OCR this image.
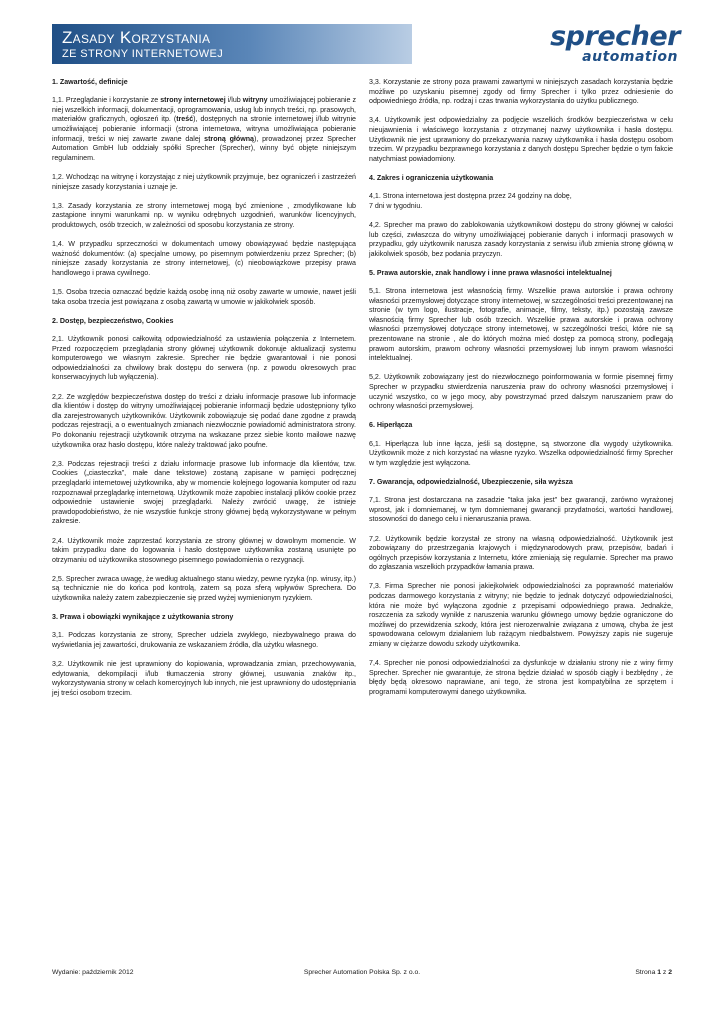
Zasady Korzystania
ZE STRONY INTERNETOWEJ
sprecher
automation
1. Zawartość, definicje

1,1. Przeglądanie i korzystanie ze strony internetowej i/lub witryny umożliwiającej pobieranie z niej wszelkich informacji, dokumentacji, oprogramowania, usług lub innych treści, np. prasowych, materiałów graficznych, ogłoszeń itp. (treść), dostępnych na stronie internetowej i/lub witrynie umożliwiającej pobieranie informacji (strona internetowa, witryna umożliwiająca pobieranie informacji, treści w niej zawarte zwane dalej stroną główną), prowadzonej przez Sprecher Automation GmbH lub oddziały spółki Sprecher (Sprecher), winny być objęte niniejszym regulaminem.

1,2. Wchodząc na witrynę i korzystając z niej użytkownik przyjmuje, bez ograniczeń i zastrzeżeń niniejsze zasady korzystania i uznaje je.

1,3. Zasady korzystania ze strony internetowej mogą być zmienione , zmodyfikowane lub zastąpione innymi warunkami np. w wyniku odrębnych uzgodnień, warunków licencyjnych, produktowych, osób trzecich, w zależności od sposobu korzystania ze strony.

1,4. W przypadku sprzeczności w dokumentach umowy obowiązywać będzie następująca ważność dokumentów: (a) specjalne umowy, po pisemnym potwierdzeniu przez Sprecher; (b) niniejsze zasady korzystania ze strony internetowej, (c) nieobowiązkowe przepisy prawa handlowego i prawa cywilnego.

1,5. Osoba trzecia oznaczać będzie każdą osobę inną niż osoby zawarte w umowie, nawet jeśli taka osoba trzecia jest powiązana z osobą zawartą w umowie w jakikolwiek sposób.

2. Dostęp, bezpieczeństwo, Cookies

2,1. Użytkownik ponosi całkowitą odpowiedzialność za ustawienia połączenia z Internetem. Przed rozpoczęciem przeglądania strony głównej użytkownik dokonuje aktualizacji systemu komputerowego we własnym zakresie. Sprecher nie będzie gwarantował i nie ponosi odpowiedzialności za chwilowy brak dostępu do serwera (np. z powodu okresowych prac konserwacyjnych lub wyłączenia).

2,2. Ze względów bezpieczeństwa dostęp do treści z działu informacje prasowe lub informacje dla klientów i dostęp do witryny umożliwiającej pobieranie informacji będzie udostępniony tylko dla zarejestrowanych użytkowników. Użytkownik zobowiązuje się podać dane zgodne z prawdą podczas rejestracji, a o ewentualnych zmianach niezwłocznie powiadomić administratora strony. Po dokonaniu rejestracji użytkownik otrzyma na wskazane przez siebie konto mailowe nazwę użytkownika oraz hasło dostępu, które należy traktować jako poufne.

2,3. Podczas rejestracji treści z działu informacje prasowe lub informacje dla klientów, tzw. Cookies („ciasteczka”, małe dane tekstowe) zostaną zapisane w pamięci podręcznej przeglądarki internetowej użytkownika, aby w momencie kolejnego logowania komputer od razu rozpoznawał przeglądarkę internetową. Użytkownik może zapobiec instalacji plików cookie przez odpowiednie ustawienie swojej przeglądarki. Należy zwrócić uwagę, że istnieje prawdopodobieństwo, że nie wszystkie funkcje strony głównej będą wykorzystywane w pełnym zakresie.

2,4. Użytkownik może zaprzestać korzystania ze strony głównej w dowolnym momencie. W takim przypadku dane do logowania i hasło dostępowe użytkownika zostaną usunięte po otrzymaniu od użytkownika stosownego pisemnego powiadomienia o rezygnacji.

2,5. Sprecher zwraca uwagę, że według aktualnego stanu wiedzy, pewne ryzyka (np. wirusy, itp.) są technicznie nie do końca pod kontrolą, zatem są poza sferą wpływów Sprechera. Do użytkownika należy zatem zabezpieczenie się przed wyżej wymienionym ryzykiem.

3. Prawa i obowiązki wynikające z użytkowania strony

3,1. Podczas korzystania ze strony, Sprecher udziela zwykłego, niezbywalnego prawa do wyświetlania jej zawartości, drukowania ze wskazaniem źródła, dla użytku własnego.

3,2. Użytkownik nie jest uprawniony do kopiowania, wprowadzania zmian, przechowywania, edytowania, dekompilacji i/lub tłumaczenia strony głównej, usuwania znaków itp., wykorzystywania strony w celach komercyjnych lub innych, nie jest uprawniony do udostępniania jej treści osobom trzecim.

3,3. Korzystanie ze strony poza prawami zawartymi w niniejszych zasadach korzystania będzie możliwe po uzyskaniu pisemnej zgody od firmy Sprecher i tylko przez odniesienie do odpowiedniego źródła, np. rodzaj i czas trwania wykorzystania do użytku publicznego.

3,4. Użytkownik jest odpowiedzialny za podjęcie wszelkich środków bezpieczeństwa w celu nieujawnienia i właściwego korzystania z otrzymanej nazwy użytkownika i hasła dostępu. Użytkownik nie jest uprawniony do przekazywania nazwy użytkownika i hasła dostępu osobom trzecim. W przypadku bezprawnego korzystania z danych dostępu Sprecher będzie o tym fakcie natychmiast powiadomiony.

4. Zakres i ograniczenia użytkowania

4,1. Strona internetowa jest dostępna przez 24 godziny na dobę,
7 dni w tygodniu.

4,2. Sprecher ma prawo do zablokowania użytkownikowi dostępu do strony głównej w całości lub części, zwłaszcza do witryny umożliwiającej pobieranie danych i informacji prasowych w przypadku, gdy użytkownik narusza zasady korzystania z serwisu i/lub zmienia stronę główną w jakikolwiek sposób, bez podania przyczyn.

5. Prawa autorskie, znak handlowy i inne prawa własności intelektualnej

5,1. Strona internetowa jest własnością firmy. Wszelkie prawa autorskie i prawa ochrony własności przemysłowej dotyczące strony internetowej, w szczególności treści prezentowanej na stronie (w tym logo, ilustracje, fotografie, animacje, filmy, teksty, itp.) pozostają zawsze własnością firmy Sprecher lub osób trzecich. Wszelkie prawa autorskie i prawa ochrony własności przemysłowej dotyczące strony internetowej, w szczególności treści, które nie są prezentowane na stronie , ale do których można mieć dostęp za pomocą strony, podlegają prawom autorskim, prawom ochrony własności przemysłowej lub innym prawom własności intelektualnej.

5,2. Użytkownik zobowiązany jest do niezwłocznego poinformowania w formie pisemnej firmy Sprecher w przypadku stwierdzenia naruszenia praw do ochrony własności przemysłowej i uczynić wszystko, co w jego mocy, aby powstrzymać przed dalszym naruszaniem praw do ochrony własności przemysłowej.

6. Hiperłącza

6,1. Hiperłącza lub inne łącza, jeśli są dostępne, są stworzone dla wygody użytkownika. Użytkownik może z nich korzystać na własne ryzyko. Wszelka odpowiedzialność firmy Sprecher w tym względzie jest wyłączona.

7. Gwarancja, odpowiedzialność, Ubezpieczenie, siła wyższa

7,1. Strona jest dostarczana na zasadzie "taka jaka jest" bez gwarancji, zarówno wyrażonej wprost, jak i domniemanej, w tym domniemanej gwarancji przydatności, wartości handlowej, stosowności do danego celu i nienaruszania prawa.

7,2. Użytkownik będzie korzystał ze strony na własną odpowiedzialność. Użytkownik jest zobowiązany do przestrzegania krajowych i międzynarodowych praw, przepisów, badań i ogólnych przepisów korzystania z Internetu, które zmieniają się regularnie. Sprecher ma prawo do zgłaszania wszelkich przypadków łamania prawa.

7,3. Firma Sprecher nie ponosi jakiejkolwiek odpowiedzialności za poprawność materiałów podczas darmowego korzystania z witryny; nie będzie to jednak dotyczyć odpowiedzialności, która nie może być wyłączona zgodnie z przepisami odpowiedniego prawa. Jednakże, roszczenia za szkody wynikłe z naruszenia warunku głównego umowy będzie ograniczone do możliwej do przewidzenia szkody, która jest nierozerwalnie związana z umową, chyba że jest spowodowana celowym działaniem lub rażącym niedbalstwem. Powyższy zapis nie sugeruje zmiany w ciężarze dowodu szkody użytkownika.

7,4. Sprecher nie ponosi odpowiedzialności za dysfunkcje w działaniu strony nie z winy firmy Sprecher. Sprecher nie gwarantuje, że strona będzie działać w sposób ciągły i bezbłędny , że błędy będą okresowo naprawiane, ani tego, że strona jest kompatybilna ze sprzętem i programami komputerowymi danego użytkownika.

Wydanie: październik 2012	Sprecher Automation Polska Sp. z o.o.	Strona 1 z 2
